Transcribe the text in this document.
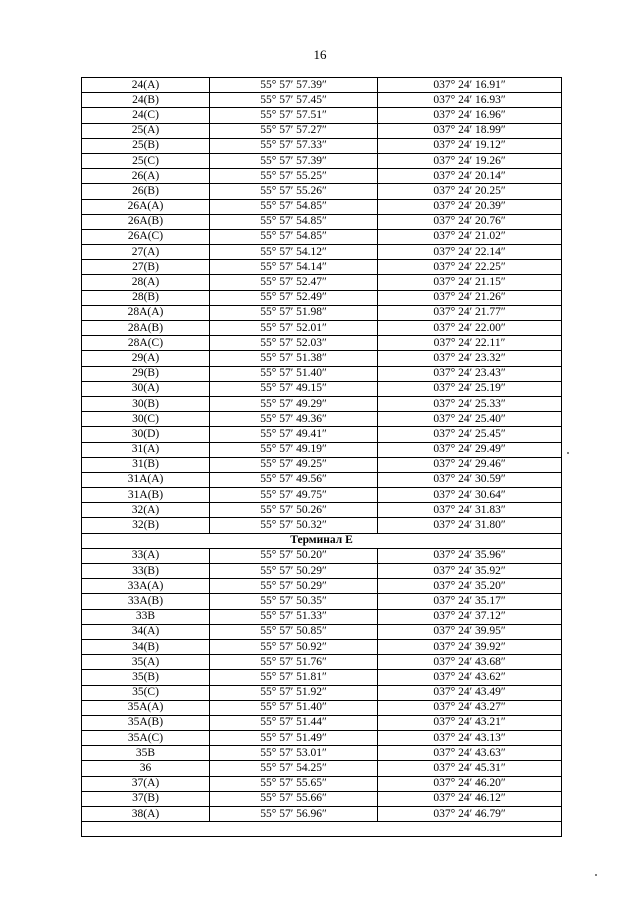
16
24(A)	55° 57′ 57.39″	037° 24′ 16.91″
24(B)	55° 57′ 57.45″	037° 24′ 16.93″
24(C)	55° 57′ 57.51″	037° 24′ 16.96″
25(A)	55° 57′ 57.27″	037° 24′ 18.99″
25(B)	55° 57′ 57.33″	037° 24′ 19.12″
25(C)	55° 57′ 57.39″	037° 24′ 19.26″
26(A)	55° 57′ 55.25″	037° 24′ 20.14″
26(B)	55° 57′ 55.26″	037° 24′ 20.25″
26A(A)	55° 57′ 54.85″	037° 24′ 20.39″
26A(B)	55° 57′ 54.85″	037° 24′ 20.76″
26A(C)	55° 57′ 54.85″	037° 24′ 21.02″
27(A)	55° 57′ 54.12″	037° 24′ 22.14″
27(B)	55° 57′ 54.14″	037° 24′ 22.25″
28(A)	55° 57′ 52.47″	037° 24′ 21.15″
28(B)	55° 57′ 52.49″	037° 24′ 21.26″
28A(A)	55° 57′ 51.98″	037° 24′ 21.77″
28A(B)	55° 57′ 52.01″	037° 24′ 22.00″
28A(C)	55° 57′ 52.03″	037° 24′ 22.11″
29(A)	55° 57′ 51.38″	037° 24′ 23.32″
29(B)	55° 57′ 51.40″	037° 24′ 23.43″
30(A)	55° 57′ 49.15″	037° 24′ 25.19″
30(B)	55° 57′ 49.29″	037° 24′ 25.33″
30(C)	55° 57′ 49.36″	037° 24′ 25.40″
30(D)	55° 57′ 49.41″	037° 24′ 25.45″
31(A)	55° 57′ 49.19″	037° 24′ 29.49″
31(B)	55° 57′ 49.25″	037° 24′ 29.46″
31A(A)	55° 57′ 49.56″	037° 24′ 30.59″
31A(B)	55° 57′ 49.75″	037° 24′ 30.64″
32(A)	55° 57′ 50.26″	037° 24′ 31.83″
32(B)	55° 57′ 50.32″	037° 24′ 31.80″
Терминал Е		
33(A)	55° 57′ 50.20″	037° 24′ 35.96″
33(B)	55° 57′ 50.29″	037° 24′ 35.92″
33A(A)	55° 57′ 50.29″	037° 24′ 35.20″
33A(B)	55° 57′ 50.35″	037° 24′ 35.17″
33B	55° 57′ 51.33″	037° 24′ 37.12″
34(A)	55° 57′ 50.85″	037° 24′ 39.95″
34(B)	55° 57′ 50.92″	037° 24′ 39.92″
35(A)	55° 57′ 51.76″	037° 24′ 43.68″
35(B)	55° 57′ 51.81″	037° 24′ 43.62″
35(C)	55° 57′ 51.92″	037° 24′ 43.49″
35A(A)	55° 57′ 51.40″	037° 24′ 43.27″
35A(B)	55° 57′ 51.44″	037° 24′ 43.21″
35A(C)	55° 57′ 51.49″	037° 24′ 43.13″
35B	55° 57′ 53.01″	037° 24′ 43.63″
36	55° 57′ 54.25″	037° 24′ 45.31″
37(A)	55° 57′ 55.65″	037° 24′ 46.20″
37(B)	55° 57′ 55.66″	037° 24′ 46.12″
38(A)	55° 57′ 56.96″	037° 24′ 46.79″
